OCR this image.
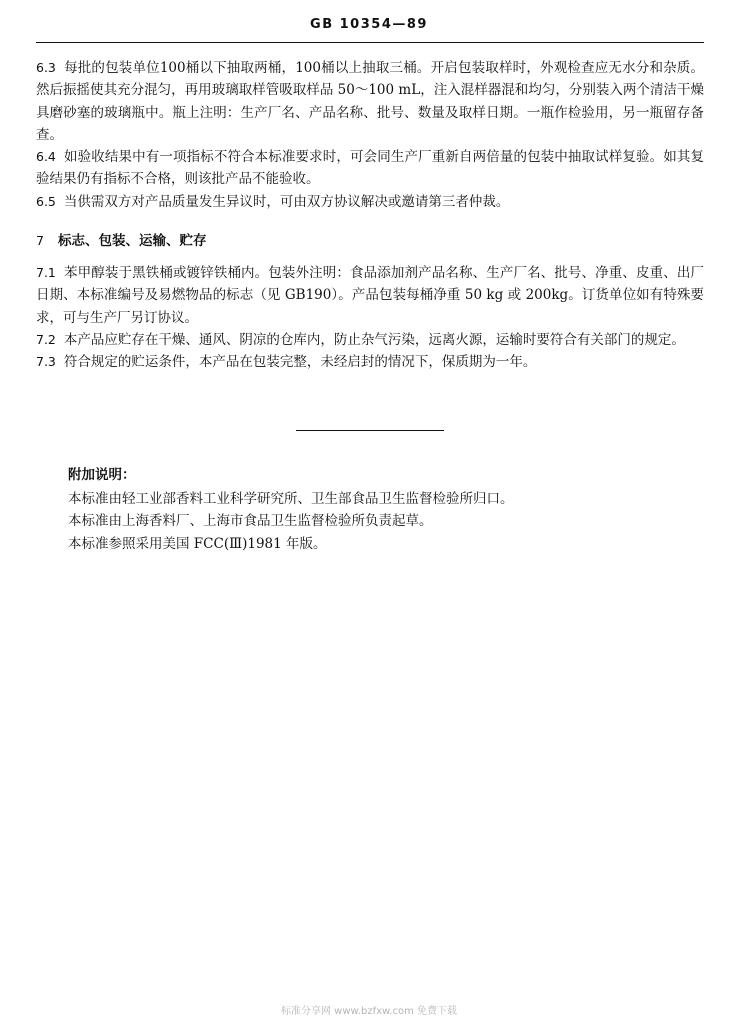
GB 10354—89

6.3 每批的包装单位100桶以下抽取两桶，100桶以上抽取三桶。开启包装取样时，外观检查应无水分和杂质。然后振摇使其充分混匀，再用玻璃取样管吸取样品 50～100 mL，注入混样器混和均匀，分别装入两个清洁干燥具磨砂塞的玻璃瓶中。瓶上注明：生产厂名、产品名称、批号、数量及取样日期。一瓶作检验用，另一瓶留存备查。

6.4 如验收结果中有一项指标不符合本标准要求时，可会同生产厂重新自两倍量的包装中抽取试样复验。如其复验结果仍有指标不合格，则该批产品不能验收。

6.5 当供需双方对产品质量发生异议时，可由双方协议解决或邀请第三者仲裁。

7 标志、包装、运输、贮存

7.1 苯甲醇装于黑铁桶或镀锌铁桶内。包装外注明：食品添加剂产品名称、生产厂名、批号、净重、皮重、出厂日期、本标准编号及易燃物品的标志（见 GB190）。产品包装每桶净重 50 kg 或 200kg。订货单位如有特殊要求，可与生产厂另订协议。

7.2 本产品应贮存在干燥、通风、阴凉的仓库内，防止杂气污染，远离火源，运输时要符合有关部门的规定。

7.3 符合规定的贮运条件，本产品在包装完整，未经启封的情况下，保质期为一年。

附加说明：

本标准由轻工业部香料工业科学研究所、卫生部食品卫生监督检验所归口。

本标准由上海香料厂、上海市食品卫生监督检验所负责起草。

本标准参照采用美国 FCC(Ⅲ)1981 年版。

标准分享网 www.bzfxw.com 免费下载
